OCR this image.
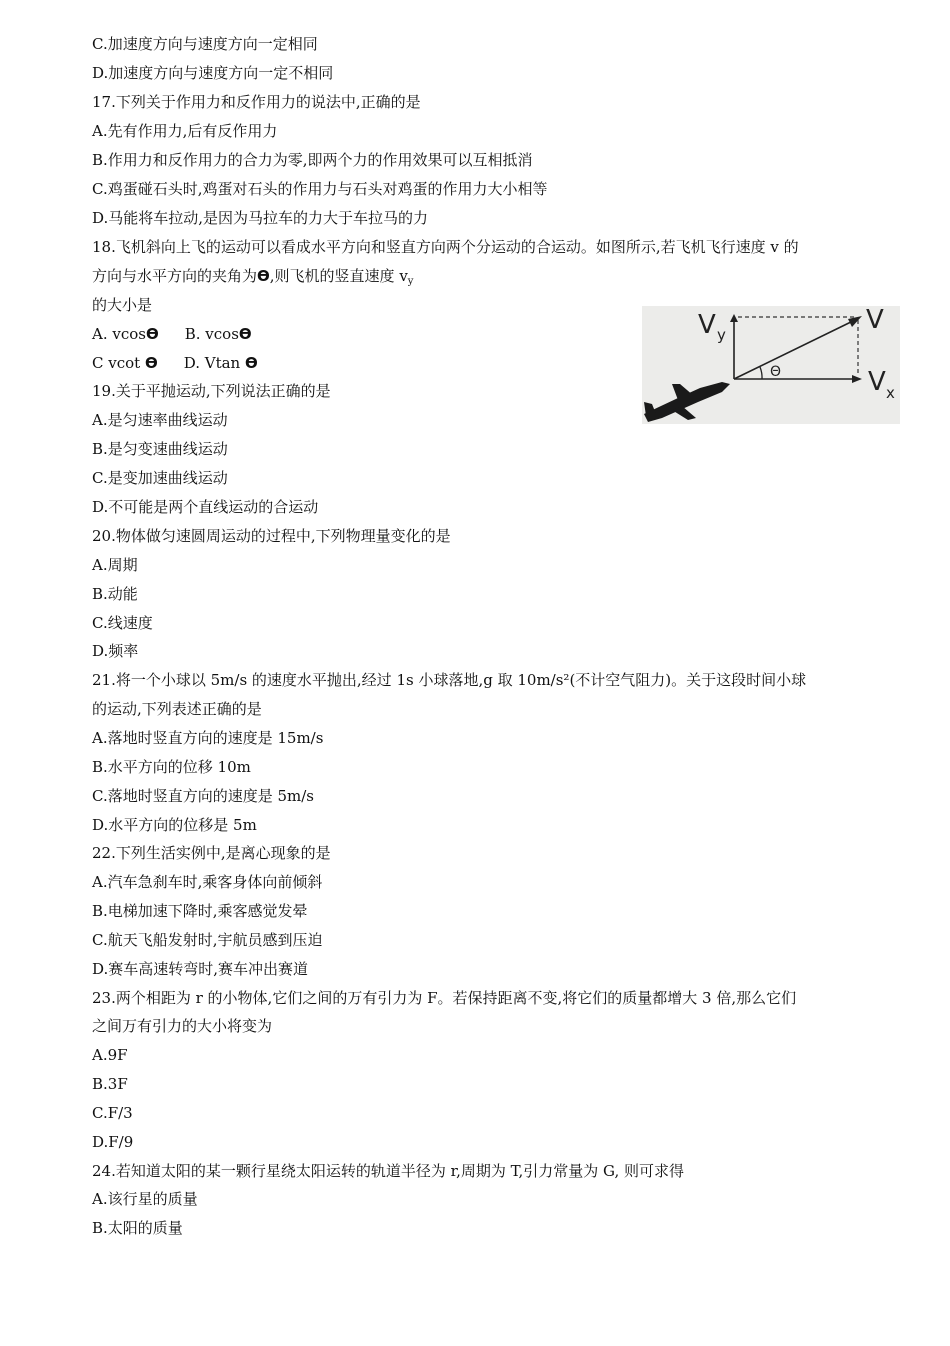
C.加速度方向与速度方向一定相同
D.加速度方向与速度方向一定不相同
17.下列关于作用力和反作用力的说法中,正确的是
A.先有作用力,后有反作用力
B.作用力和反作用力的合力为零,即两个力的作用效果可以互相抵消
C.鸡蛋碰石头时,鸡蛋对石头的作用力与石头对鸡蛋的作用力大小相等
D.马能将车拉动,是因为马拉车的力大于车拉马的力
18.飞机斜向上飞的运动可以看成水平方向和竖直方向两个分运动的合运动。如图所示,若飞机飞行速度 v 的
方向与水平方向的夹角为ϴ,则飞机的竖直速度 $v_y$
的大小是
A. vcosϴ B. vcosϴ
C vcot ϴ D. Vtan ϴ	Θ
V y	V
V x
19.关于平抛运动,下列说法正确的是
A.是匀速率曲线运动
B.是匀变速曲线运动
C.是变加速曲线运动
D.不可能是两个直线运动的合运动
20.物体做匀速圆周运动的过程中,下列物理量变化的是
A.周期
B.动能
C.线速度
D.频率
21.将一个小球以 5m/s 的速度水平抛出,经过 1s 小球落地,g 取 10m/s²(不计空气阻力)。关于这段时间小球
的运动,下列表述正确的是
A.落地时竖直方向的速度是 15m/s
B.水平方向的位移 10m
C.落地时竖直方向的速度是 5m/s
D.水平方向的位移是 5m
22.下列生活实例中,是离心现象的是
A.汽车急刹车时,乘客身体向前倾斜
B.电梯加速下降时,乘客感觉发晕
C.航天飞船发射时,宇航员感到压迫
D.赛车高速转弯时,赛车冲出赛道
23.两个相距为 r 的小物体,它们之间的万有引力为 F。若保持距离不变,将它们的质量都增大 3 倍,那么它们
之间万有引力的大小将变为
A.9F
B.3F
C.F/3
D.F/9
24.若知道太阳的某一颗行星绕太阳运转的轨道半径为 r,周期为 T,引力常量为 G, 则可求得
A.该行星的质量
B.太阳的质量
